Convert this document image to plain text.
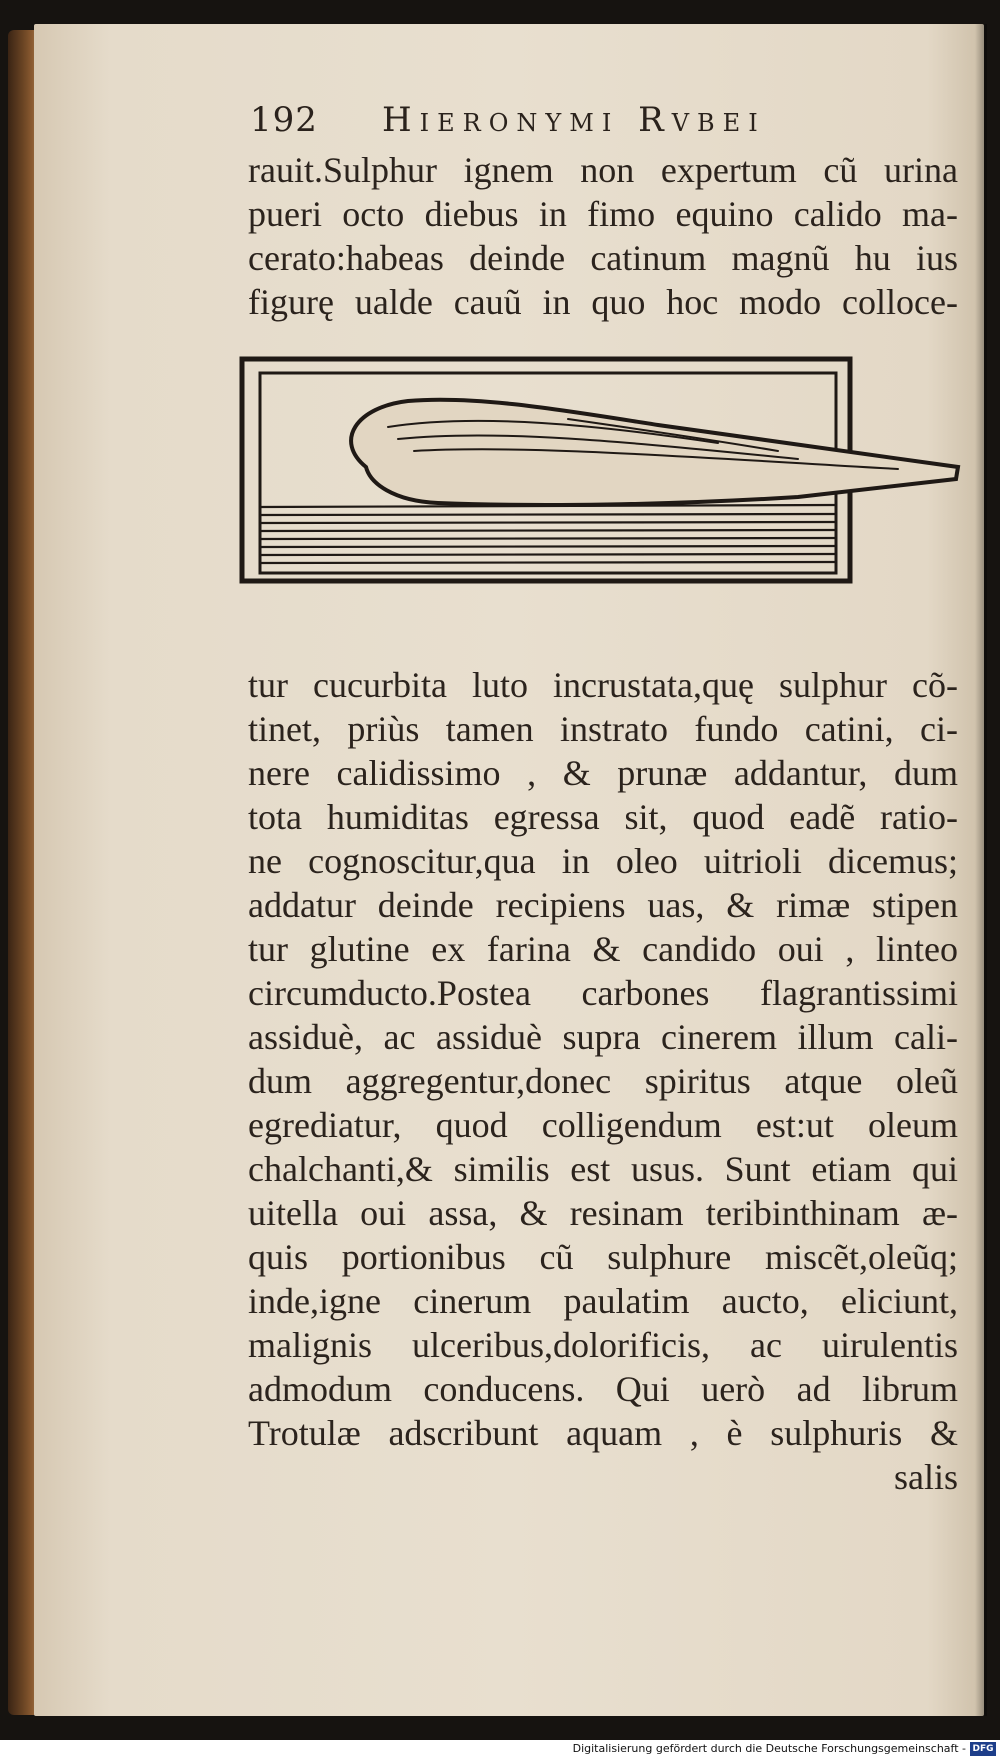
192 Hieronymi Rvbei
rauit.Sulphur ignem non expertum cũ urina
pueri octo diebus in fimo equino calido ma-
cerato:habeas deinde catinum magnũ hu ius
figurę ualde cauũ in quo hoc modo colloce-
tur cucurbita luto incrustata,quę sulphur cõ-
tinet, priùs tamen instrato fundo catini, ci-
nere calidissimo , & prunæ addantur, dum
tota humiditas egressa sit, quod eadẽ ratio-
ne cognoscitur,qua in oleo uitrioli dicemus;
addatur deinde recipiens uas, & rimæ stipen
tur glutine ex farina & candido oui , linteo
circumducto.Postea carbones flagrantissimi
assiduè, ac assiduè supra cinerem illum cali-
dum aggregentur,donec spiritus atque oleũ
egrediatur, quod colligendum est:ut oleum
chalchanti,& similis est usus. Sunt etiam qui
uitella oui assa, & resinam teribinthinam æ-
quis portionibus cũ sulphure miscẽt,oleũq;
inde,igne cinerum paulatim aucto, eliciunt,
malignis ulceribus,dolorificis, ac uirulentis
admodum conducens. Qui uerò ad librum
Trotulæ adscribunt aquam , è sulphuris &
salis
Digitalisierung gefördert durch die Deutsche Forschungsgemeinschaft - DFG
